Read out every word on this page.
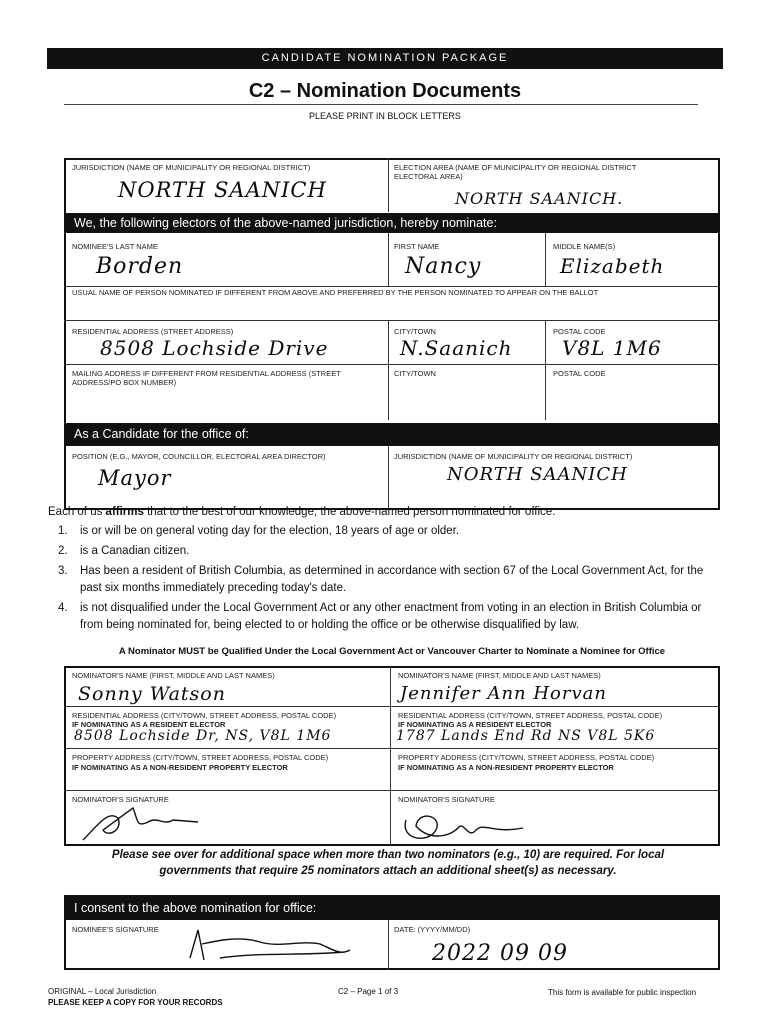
CANDIDATE NOMINATION PACKAGE
C2 – Nomination Documents
PLEASE PRINT IN BLOCK LETTERS
JURISDICTION (NAME OF MUNICIPALITY OR REGIONAL DISTRICT)
NORTH SAANICH
ELECTION AREA (NAME OF MUNICIPALITY OR REGIONAL DISTRICT ELECTORAL AREA)
NORTH SAANICH.
We, the following electors of the above-named jurisdiction, hereby nominate:
NOMINEE'S LAST NAME
Borden
FIRST NAME
Nancy
MIDDLE NAME(S)
Elizabeth
USUAL NAME OF PERSON NOMINATED IF DIFFERENT FROM ABOVE AND PREFERRED BY THE PERSON NOMINATED TO APPEAR ON THE BALLOT
RESIDENTIAL ADDRESS (STREET ADDRESS)
8508 Lochside Drive
CITY/TOWN
N.Saanich
POSTAL CODE
V8L 1M6
MAILING ADDRESS IF DIFFERENT FROM RESIDENTIAL ADDRESS (STREET ADDRESS/PO BOX NUMBER)
CITY/TOWN	POSTAL CODE
As a Candidate for the office of:
POSITION (E.G., MAYOR, COUNCILLOR, ELECTORAL AREA DIRECTOR)
Mayor
JURISDICTION (NAME OF MUNICIPALITY OR REGIONAL DISTRICT)
NORTH SAANICH
Each of us affirms that to the best of our knowledge, the above-named person nominated for office:
1.	is or will be on general voting day for the election, 18 years of age or older.
2.	is a Canadian citizen.
3.	Has been a resident of British Columbia, as determined in accordance with section 67 of the Local Government Act, for the past six months immediately preceding today's date.
4.	is not disqualified under the Local Government Act or any other enactment from voting in an election in British Columbia or from being nominated for, being elected to or holding the office or be otherwise disqualified by law.
A Nominator MUST be Qualified Under the Local Government Act or Vancouver Charter to Nominate a Nominee for Office
NOMINATOR'S NAME (FIRST, MIDDLE AND LAST NAMES)
Sonny Watson
RESIDENTIAL ADDRESS (CITY/TOWN, STREET ADDRESS, POSTAL CODE)
IF NOMINATING AS A RESIDENT ELECTOR
8508 Lochside Dr, NS, V8L 1M6
PROPERTY ADDRESS (CITY/TOWN, STREET ADDRESS, POSTAL CODE)
IF NOMINATING AS A NON-RESIDENT PROPERTY ELECTOR
NOMINATOR'S SIGNATURE
NOMINATOR'S NAME (FIRST, MIDDLE AND LAST NAMES)
Jennifer Ann Horvan
RESIDENTIAL ADDRESS (CITY/TOWN, STREET ADDRESS, POSTAL CODE)
IF NOMINATING AS A RESIDENT ELECTOR
1787 Lands End Rd NS V8L 5K6
PROPERTY ADDRESS (CITY/TOWN, STREET ADDRESS, POSTAL CODE)
IF NOMINATING AS A NON-RESIDENT PROPERTY ELECTOR
NOMINATOR'S SIGNATURE
Please see over for additional space when more than two nominators (e.g., 10) are required. For local governments that require 25 nominators attach an additional sheet(s) as necessary.
I consent to the above nomination for office:
NOMINEE'S SIGNATURE	DATE: (YYYY/MM/DD)
2022 09 09
ORIGINAL – Local Jurisdiction
PLEASE KEEP A COPY FOR YOUR RECORDS
C2 – Page 1 of 3	This form is available for public inspection
